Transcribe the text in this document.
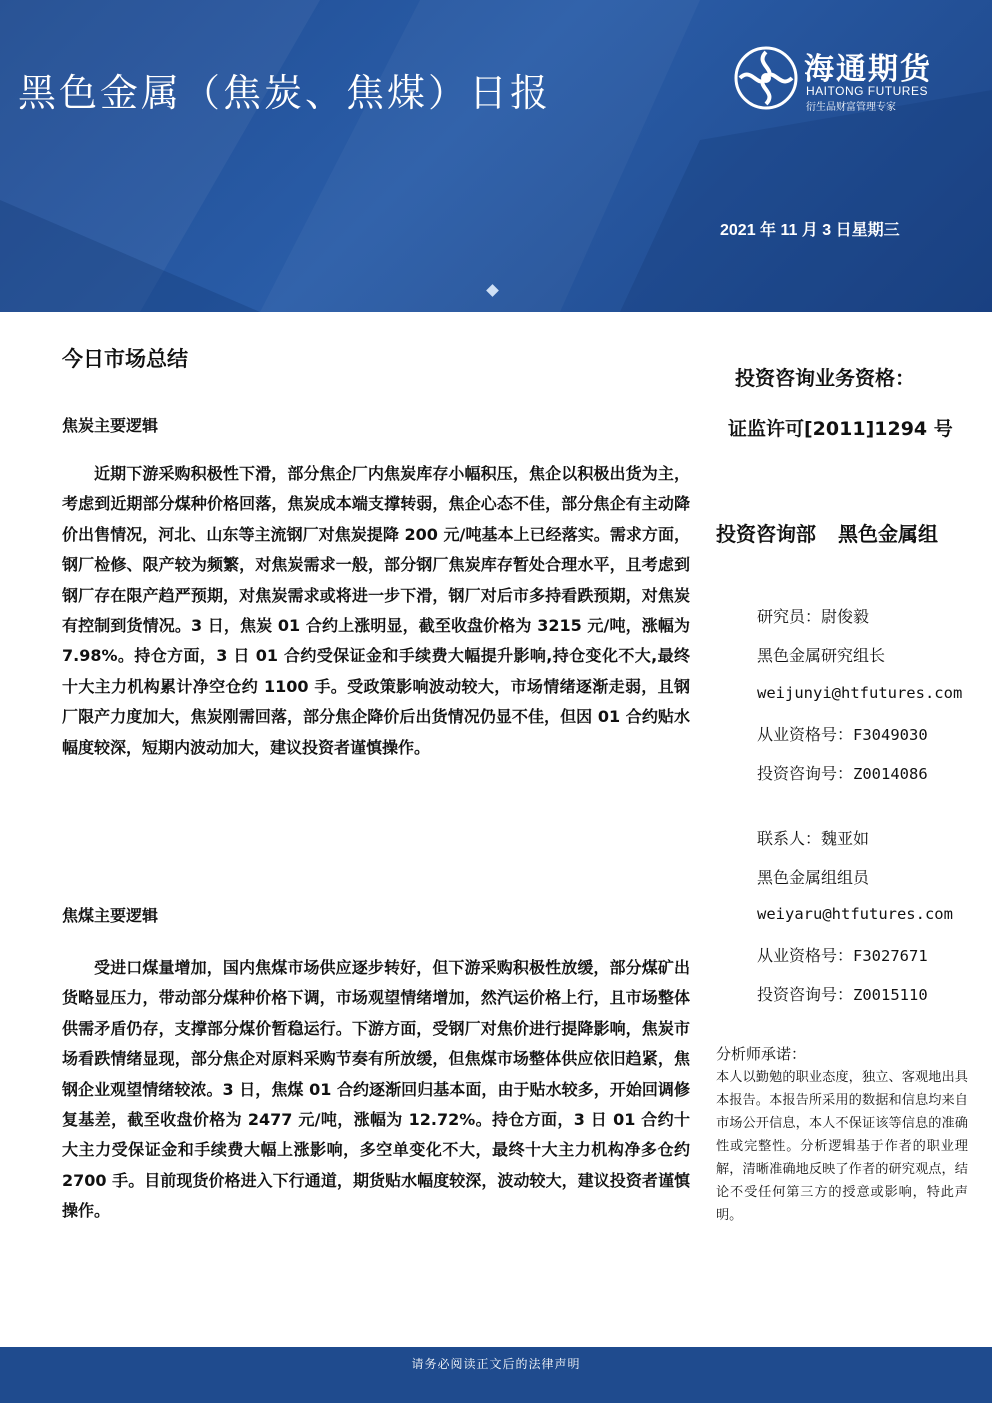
黑色金属（焦炭、焦煤）日报
海通期货
HAITONG FUTURES
衍生品财富管理专家
2021 年 11 月 3 日星期三
今日市场总结
焦炭主要逻辑
近期下游采购积极性下滑，部分焦企厂内焦炭库存小幅积压，焦企以积极出货为主，考虑到近期部分煤种价格回落，焦炭成本端支撑转弱，焦企心态不佳，部分焦企有主动降价出售情况，河北、山东等主流钢厂对焦炭提降 200 元/吨基本上已经落实。需求方面，钢厂检修、限产较为频繁，对焦炭需求一般，部分钢厂焦炭库存暂处合理水平，且考虑到钢厂存在限产趋严预期，对焦炭需求或将进一步下滑，钢厂对后市多持看跌预期，对焦炭有控制到货情况。3 日，焦炭 01 合约上涨明显，截至收盘价格为 3215 元/吨，涨幅为 7.98%。持仓方面，3 日 01 合约受保证金和手续费大幅提升影响,持仓变化不大,最终十大主力机构累计净空仓约 1100 手。受政策影响波动较大，市场情绪逐渐走弱，且钢厂限产力度加大，焦炭刚需回落，部分焦企降价后出货情况仍显不佳，但因 01 合约贴水幅度较深，短期内波动加大，建议投资者谨慎操作。
焦煤主要逻辑
受进口煤量增加，国内焦煤市场供应逐步转好，但下游采购积极性放缓，部分煤矿出货略显压力，带动部分煤种价格下调，市场观望情绪增加，然汽运价格上行，且市场整体供需矛盾仍存，支撑部分煤价暂稳运行。下游方面，受钢厂对焦价进行提降影响，焦炭市场看跌情绪显现，部分焦企对原料采购节奏有所放缓，但焦煤市场整体供应依旧趋紧，焦钢企业观望情绪较浓。3 日，焦煤 01 合约逐渐回归基本面，由于贴水较多，开始回调修复基差，截至收盘价格为 2477 元/吨，涨幅为 12.72%。持仓方面，3 日 01 合约十大主力受保证金和手续费大幅上涨影响，多空单变化不大，最终十大主力机构净多仓约 2700 手。目前现货价格进入下行通道，期货贴水幅度较深，波动较大，建议投资者谨慎操作。
投资咨询业务资格：
证监许可[2011]1294 号
投资咨询部 黑色金属组
研究员：尉俊毅
黑色金属研究组长
weijunyi@htfutures.com
从业资格号：F3049030
投资咨询号：Z0014086
联系人：魏亚如
黑色金属组组员
weiyaru@htfutures.com
从业资格号：F3027671
投资咨询号：Z0015110
分析师承诺：
本人以勤勉的职业态度，独立、客观地出具本报告。本报告所采用的数据和信息均来自市场公开信息，本人不保证该等信息的准确性或完整性。分析逻辑基于作者的职业理解，清晰准确地反映了作者的研究观点，结论不受任何第三方的授意或影响，特此声明。
请务必阅读正文后的法律声明
